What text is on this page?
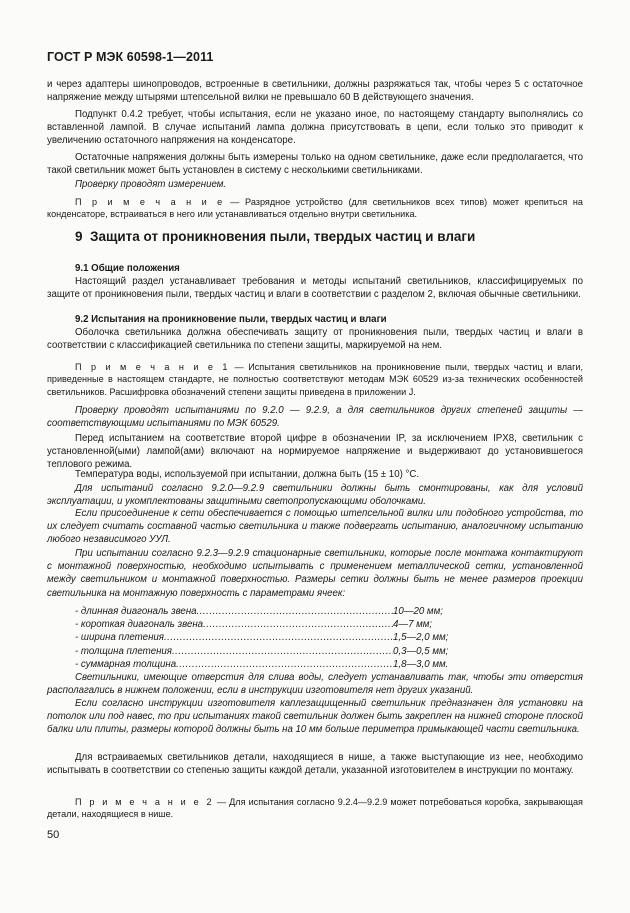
ГОСТ Р МЭК 60598-1—2011
и через адаптеры шинопроводов, встроенные в светильники, должны разряжаться так, чтобы через 5 с остаточное напряжение между штырями штепсельной вилки не превышало 60 В действующего значения.
Подпункт 0.4.2 требует, чтобы испытания, если не указано иное, по настоящему стандарту выполнялись со вставленной лампой. В случае испытаний лампа должна присутствовать в цепи, если только это приводит к увеличению остаточного напряжения на конденсаторе.
Остаточные напряжения должны быть измерены только на одном светильнике, даже если предполагается, что такой светильник может быть установлен в систему с несколькими светильниками.
Проверку проводят измерением.
П р и м е ч а н и е — Разрядное устройство (для светильников всех типов) может крепиться на конденсаторе, встраиваться в него или устанавливаться отдельно внутри светильника.
9 Защита от проникновения пыли, твердых частиц и влаги
9.1 Общие положения
Настоящий раздел устанавливает требования и методы испытаний светильников, классифицируемых по защите от проникновения пыли, твердых частиц и влаги в соответствии с разделом 2, включая обычные светильники.
9.2 Испытания на проникновение пыли, твердых частиц и влаги
Оболочка светильника должна обеспечивать защиту от проникновения пыли, твердых частиц и влаги в соответствии с классификацией светильника по степени защиты, маркируемой на нем.
П р и м е ч а н и е 1 — Испытания светильников на проникновение пыли, твердых частиц и влаги, приведенные в настоящем стандарте, не полностью соответствуют методам МЭК 60529 из-за технических особенностей светильников. Расшифровка обозначений степени защиты приведена в приложении J.
Проверку проводят испытаниями по 9.2.0 — 9.2.9, а для светильников других степеней защиты — соответствующими испытаниями по МЭК 60529.
Перед испытанием на соответствие второй цифре в обозначении IP, за исключением IPX8, светильник с установленной(ыми) лампой(ами) включают на нормируемое напряжение и выдерживают до установившегося теплового режима.
Температура воды, используемой при испытании, должна быть (15 ± 10) °C.
Для испытаний согласно 9.2.0—9.2.9 светильники должны быть смонтированы, как для условий эксплуатации, и укомплектованы защитными светопропускающими оболочками.
Если присоединение к сети обеспечивается с помощью штепсельной вилки или подобного устройства, то их следует считать составной частью светильника и также подвергать испытанию, аналогичному испытанию любого независимого УУЛ.
При испытании согласно 9.2.3—9.2.9 стационарные светильники, которые после монтажа контактируют с монтажной поверхностью, необходимо испытывать с применением металлической сетки, установленной между светильником и монтажной поверхностью. Размеры сетки должны быть не менее размеров проекции светильника на монтажную поверхность с параметрами ячеек:
- длинная диагональ звена .....	10—20 мм;
- короткая диагональ звена .....	4—7 мм;
- ширина плетения .....	1,5—2,0 мм;
- толщина плетения .....	0,3—0,5 мм;
- суммарная толщина .....	1,8—3,0 мм.
Светильники, имеющие отверстия для слива воды, следует устанавливать так, чтобы эти отверстия располагались в нижнем положении, если в инструкции изготовителя нет других указаний.
Если согласно инструкции изготовителя каплезащищенный светильник предназначен для установки на потолок или под навес, то при испытаниях такой светильник должен быть закреплен на нижней стороне плоской балки или плиты, размеры которой должны быть на 10 мм больше периметра примыкающей части светильника.
Для встраиваемых светильников детали, находящиеся в нише, а также выступающие из нее, необходимо испытывать в соответствии со степенью защиты каждой детали, указанной изготовителем в инструкции по монтажу.
П р и м е ч а н и е 2 — Для испытания согласно 9.2.4—9.2.9 может потребоваться коробка, закрывающая детали, находящиеся в нише.
50
